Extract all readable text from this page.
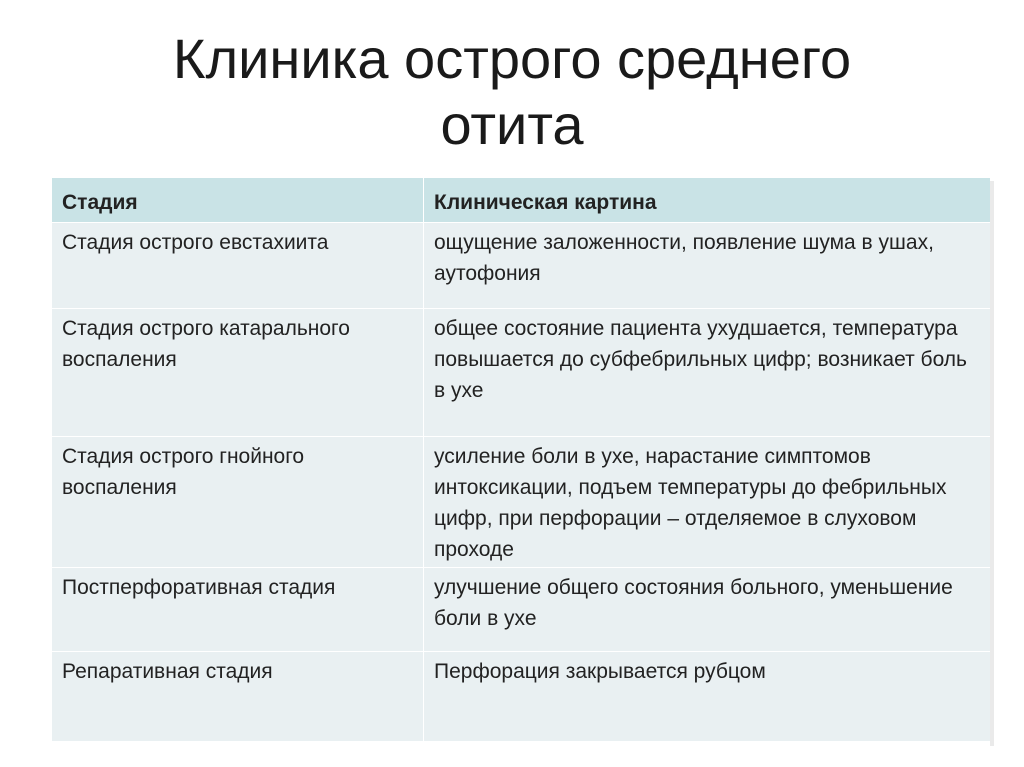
Клиника острого среднего
отита
Стадия	Клиническая картина
Стадия острого евстахиита	ощущение заложенности, появление шума в ушах, аутофония
Стадия острого катарального воспаления	общее состояние пациента ухудшается, температура повышается до субфебрильных цифр; возникает боль в ухе
Стадия острого гнойного воспаления	усиление боли в ухе, нарастание симптомов интоксикации, подъем температуры до фебрильных цифр, при перфорации – отделяемое в слуховом проходе
Постперфоративная стадия	улучшение общего состояния больного, уменьшение боли в ухе
Репаративная стадия	Перфорация закрывается рубцом
